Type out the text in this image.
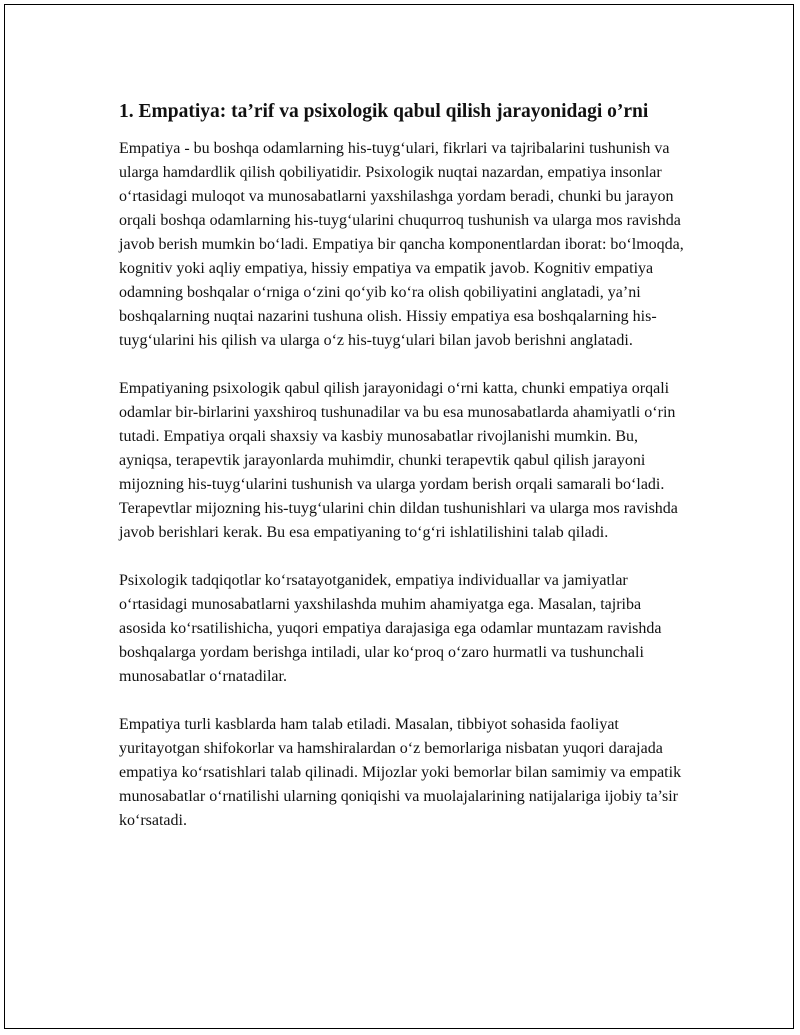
1. Empatiya: ta’rif va psixologik qabul qilish jarayonidagi o’rni

Empatiya - bu boshqa odamlarning his-tuyg‘ulari, fikrlari va tajribalarini tushunish va ularga hamdardlik qilish qobiliyatidir. Psixologik nuqtai nazardan, empatiya insonlar o‘rtasidagi muloqot va munosabatlarni yaxshilashga yordam beradi, chunki bu jarayon orqali boshqa odamlarning his-tuyg‘ularini chuqurroq tushunish va ularga mos ravishda javob berish mumkin bo‘ladi. Empatiya bir qancha komponentlardan iborat: bo‘lmoqda, kognitiv yoki aqliy empatiya, hissiy empatiya va empatik javob. Kognitiv empatiya odamning boshqalar o‘rniga o‘zini qo‘yib ko‘ra olish qobiliyatini anglatadi, ya’ni boshqalarning nuqtai nazarini tushuna olish. Hissiy empatiya esa boshqalarning his-tuyg‘ularini his qilish va ularga o‘z his-tuyg‘ulari bilan javob berishni anglatadi.

Empatiyaning psixologik qabul qilish jarayonidagi o‘rni katta, chunki empatiya orqali odamlar bir-birlarini yaxshiroq tushunadilar va bu esa munosabatlarda ahamiyatli o‘rin tutadi. Empatiya orqali shaxsiy va kasbiy munosabatlar rivojlanishi mumkin. Bu, ayniqsa, terapevtik jarayonlarda muhimdir, chunki terapevtik qabul qilish jarayoni mijozning his-tuyg‘ularini tushunish va ularga yordam berish orqali samarali bo‘ladi. Terapevtlar mijozning his-tuyg‘ularini chin dildan tushunishlari va ularga mos ravishda javob berishlari kerak. Bu esa empatiyaning to‘g‘ri ishlatilishini talab qiladi.

Psixologik tadqiqotlar ko‘rsatayotganidek, empatiya individuallar va jamiyatlar o‘rtasidagi munosabatlarni yaxshilashda muhim ahamiyatga ega. Masalan, tajriba asosida ko‘rsatilishicha, yuqori empatiya darajasiga ega odamlar muntazam ravishda boshqalarga yordam berishga intiladi, ular ko‘proq o‘zaro hurmatli va tushunchali munosabatlar o‘rnatadilar.

Empatiya turli kasblarda ham talab etiladi. Masalan, tibbiyot sohasida faoliyat yuritayotgan shifokorlar va hamshiralardan o‘z bemorlariga nisbatan yuqori darajada empatiya ko‘rsatishlari talab qilinadi. Mijozlar yoki bemorlar bilan samimiy va empatik munosabatlar o‘rnatilishi ularning qoniqishi va muolajalarining natijalariga ijobiy ta’sir ko‘rsatadi.
